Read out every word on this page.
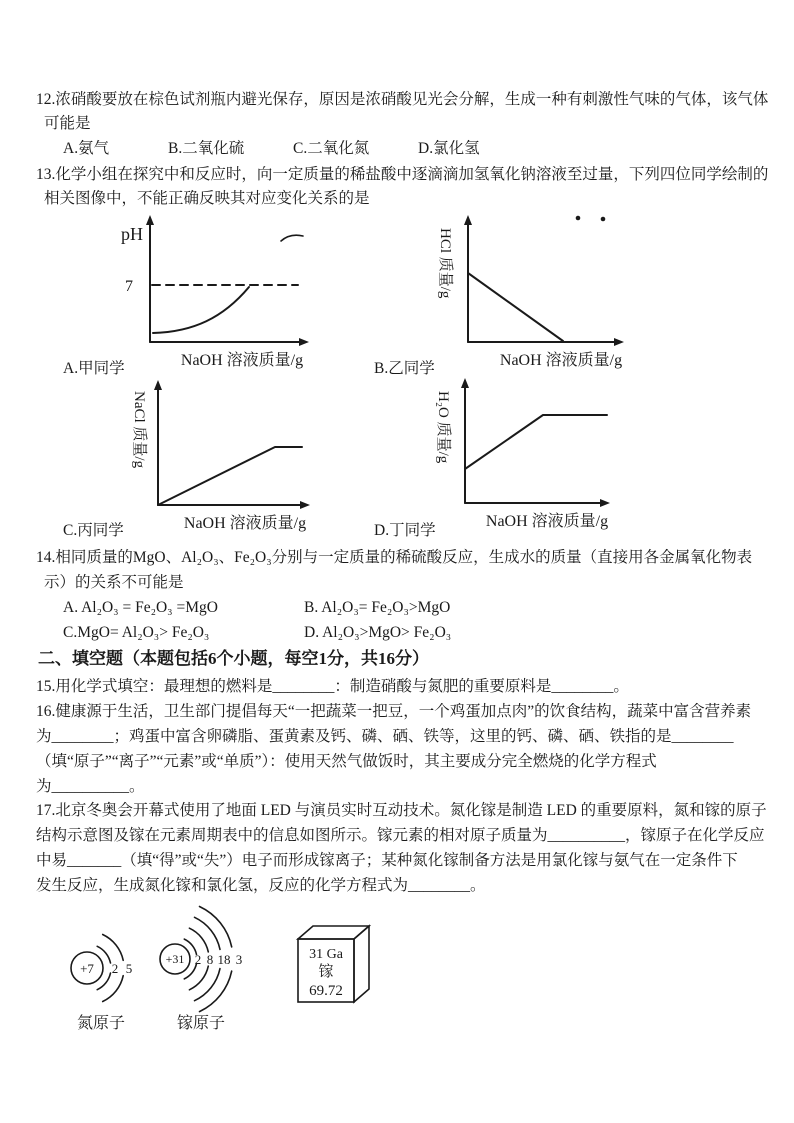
12.浓硝酸要放在棕色试剂瓶内避光保存，原因是浓硝酸见光会分解，生成一种有刺激性气味的气体，该气体
可能是
A.氨气	B.二氧化硫	C.二氧化氮	D.氯化氢
13.化学小组在探究中和反应时，向一定质量的稀盐酸中逐滴滴加氢氧化钠溶液至过量，下列四位同学绘制的
相关图像中，不能正确反映其对应变化关系的是
pH
7
NaOH 溶液质量/g
A.甲同学
HCl 质量/g
NaOH 溶液质量/g
B.乙同学
NaCl 质量/g
NaOH 溶液质量/g
C.丙同学
H₂O 质量/g
NaOH 溶液质量/g
D.丁同学
14.相同质量的MgO、Al₂O₃、Fe₂O₃分别与一定质量的稀硫酸反应，生成水的质量（直接用各金属氧化物表
示）的关系不可能是
A. Al₂O₃ = Fe₂O₃ =MgO	B. Al₂O₃= Fe₂O₃>MgO
C.MgO= Al₂O₃> Fe₂O₃	D. Al₂O₃>MgO> Fe₂O₃
二、填空题（本题包括6个小题，每空1分，共16分）
15.用化学式填空：最理想的燃料是________：制造硝酸与氮肥的重要原料是________。
16.健康源于生活，卫生部门提倡每天“一把蔬菜一把豆，一个鸡蛋加点肉”的饮食结构，蔬菜中富含营养素
为________；鸡蛋中富含卵磷脂、蛋黄素及钙、磷、硒、铁等，这里的钙、磷、硒、铁指的是________
（填“原子”“离子”“元素”或“单质”）：使用天然气做饭时，其主要成分完全燃烧的化学方程式
为__________。
17.北京冬奥会开幕式使用了地面 LED 与演员实时互动技术。氮化镓是制造 LED 的重要原料，氮和镓的原子
结构示意图及镓在元素周期表中的信息如图所示。镓元素的相对原子质量为__________，镓原子在化学反应
中易_______（填“得”或“失”）电子而形成镓离子；某种氮化镓制备方法是用氯化镓与氨气在一定条件下
发生反应，生成氮化镓和氯化氢，反应的化学方程式为________。
+7 2 5
氮原子
+31 2 8 18 3
镓原子
31 Ga
镓
69.72
